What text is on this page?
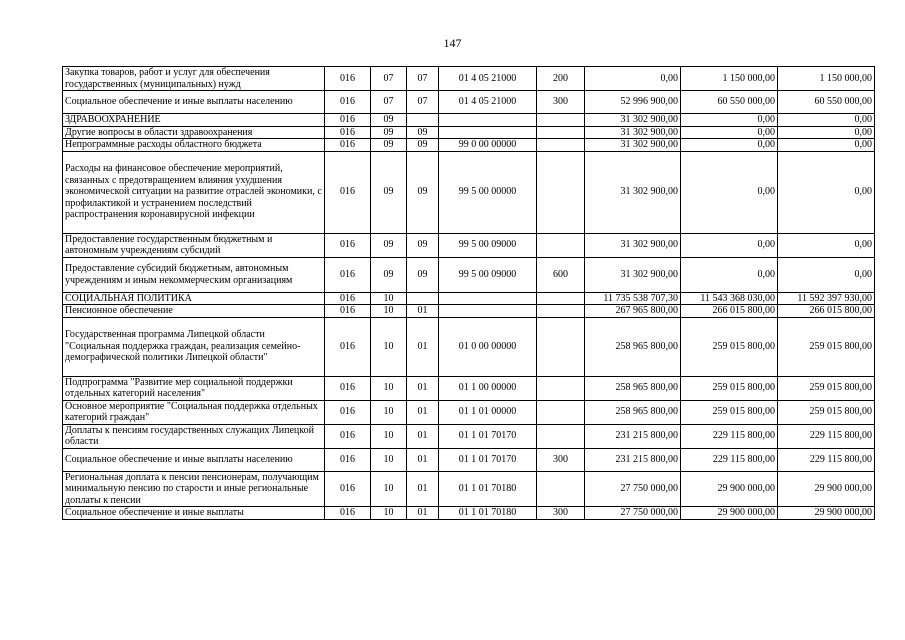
147
Закупка товаров, работ и услуг для обеспечения государственных (муниципальных) нужд	016	07	07	01 4 05 21000	200	0,00	1 150 000,00	1 150 000,00
Социальное обеспечение и иные выплаты населению	016	07	07	01 4 05 21000	300	52 996 900,00	60 550 000,00	60 550 000,00
ЗДРАВООХРАНЕНИЕ	016	09				31 302 900,00	0,00	0,00
Другие вопросы в области здравоохранения	016	09	09			31 302 900,00	0,00	0,00
Непрограммные расходы областного бюджета	016	09	09	99 0 00 00000		31 302 900,00	0,00	0,00
Расходы на финансовое обеспечение мероприятий, связанных с предотвращением влияния ухудшения экономической ситуации на развитие отраслей экономики, с профилактикой и устранением последствий распространения коронавирусной инфекции	016	09	09	99 5 00 00000		31 302 900,00	0,00	0,00
Предоставление государственным бюджетным и автономным учреждениям субсидий	016	09	09	99 5 00 09000		31 302 900,00	0,00	0,00
Предоставление субсидий бюджетным, автономным учреждениям и иным некоммерческим организациям	016	09	09	99 5 00 09000	600	31 302 900,00	0,00	0,00
СОЦИАЛЬНАЯ ПОЛИТИКА	016	10				11 735 538 707,30	11 543 368 030,00	11 592 397 930,00
Пенсионное обеспечение	016	10	01			267 965 800,00	266 015 800,00	266 015 800,00
Государственная программа Липецкой области "Социальная поддержка граждан, реализация семейно-демографической политики Липецкой области"	016	10	01	01 0 00 00000		258 965 800,00	259 015 800,00	259 015 800,00
Подпрограмма "Развитие мер социальной поддержки отдельных категорий населения"	016	10	01	01 1 00 00000		258 965 800,00	259 015 800,00	259 015 800,00
Основное мероприятие "Социальная поддержка отдельных категорий граждан"	016	10	01	01 1 01 00000		258 965 800,00	259 015 800,00	259 015 800,00
Доплаты к пенсиям государственных служащих Липецкой области	016	10	01	01 1 01 70170		231 215 800,00	229 115 800,00	229 115 800,00
Социальное обеспечение и иные выплаты населению	016	10	01	01 1 01 70170	300	231 215 800,00	229 115 800,00	229 115 800,00
Региональная доплата к пенсии пенсионерам, получающим минимальную пенсию по старости и иные региональные доплаты к пенсии	016	10	01	01 1 01 70180		27 750 000,00	29 900 000,00	29 900 000,00
Социальное обеспечение и иные выплаты	016	10	01	01 1 01 70180	300	27 750 000,00	29 900 000,00	29 900 000,00
